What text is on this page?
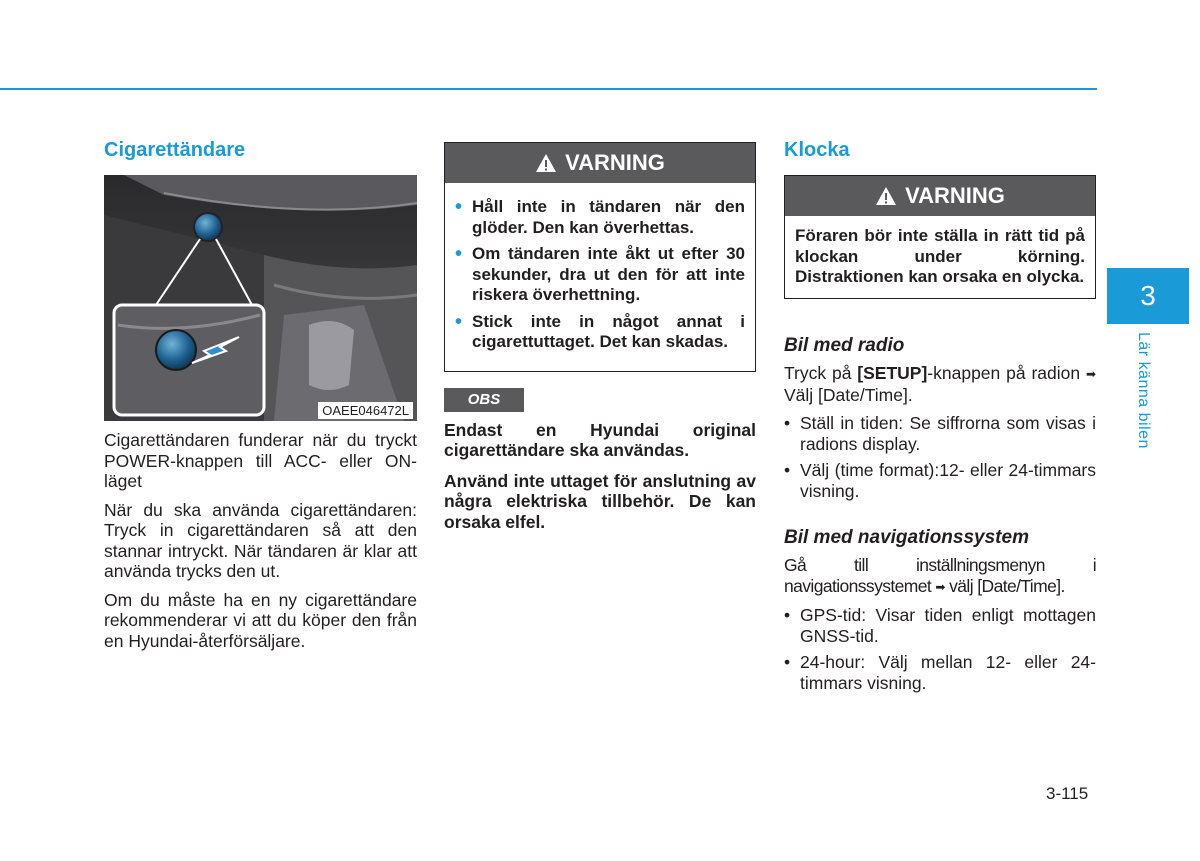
Cigarettändare
OAEE046472L

Cigarettändaren funderar när du tryckt POWER-knappen till ACC- eller ON-läget

När du ska använda cigarettändaren: Tryck in cigarettändaren så att den stannar intryckt. När tändaren är klar att använda trycks den ut.

Om du måste ha en ny cigarettändare rekommenderar vi att du köper den från en Hyundai-återförsäljare.

VARNING
• Håll inte in tändaren när den glöder. Den kan överhettas.
• Om tändaren inte åkt ut efter 30 sekunder, dra ut den för att inte riskera överhettning.
• Stick inte in något annat i cigarettuttaget. Det kan skadas.
OBS

Endast en Hyundai original cigarettändare ska användas.

Använd inte uttaget för anslutning av några elektriska tillbehör. De kan orsaka elfel.

Klocka
VARNING

Föraren bör inte ställa in rätt tid på klockan under körning. Distraktionen kan orsaka en olycka.

Bil med radio

Tryck på [SETUP]-knappen på radion ➡ Välj [Date/Time].

• Ställ in tiden: Se siffrorna som visas i radions display.
• Välj (time format):12- eller 24-timmars visning.
Bil med navigationssystem

Gå till inställningsmenyn i navigationssystemet ➡ välj [Date/Time].

• GPS-tid: Visar tiden enligt mottagen GNSS-tid.
• 24-hour: Välj mellan 12- eller 24-timmars visning.
3
Lär känna bilen
3-115
